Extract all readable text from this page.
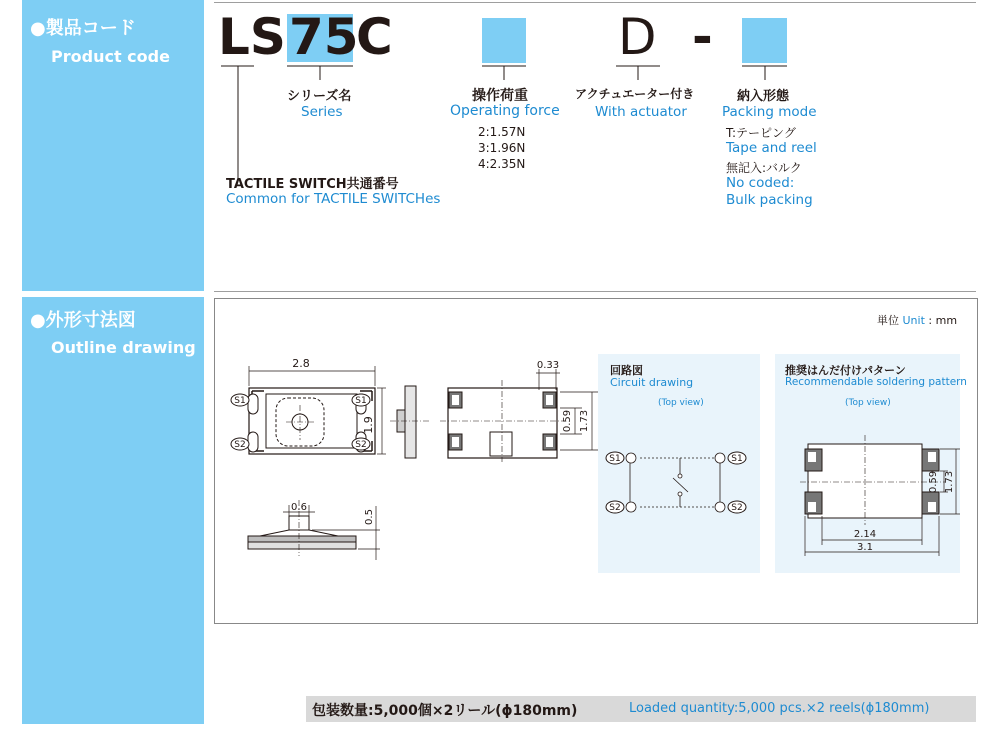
●製品コード
Product code
●外形寸法図
Outline drawing
LS 75
C	D -
シリーズ名
Series
TACTILE SWITCH共通番号
Common for TACTILE SWITCHes
操作荷重
Operating force
2:1.57N
3:1.96N
4:2.35N
アクチュエーター付き
With actuator
納入形態
Packing mode
T:テーピング
Tape and reel
無記入:バルク
No coded:
Bulk packing
単位 Unit : mm
回路図
Circuit drawing
(Top view)
推奨はんだ付けパターン
Recommendable soldering pattern
(Top view)
2.8
1.9
S1
S2
S1
S2
0.33
0.59 1.73
0.6
0.5
S1	S1
S2	S2
0.59 1.73
2.14
3.1
包装数量:5,000個×2リール(ϕ180mm)	Loaded quantity:5,000 pcs.×2 reels(ϕ180mm)
